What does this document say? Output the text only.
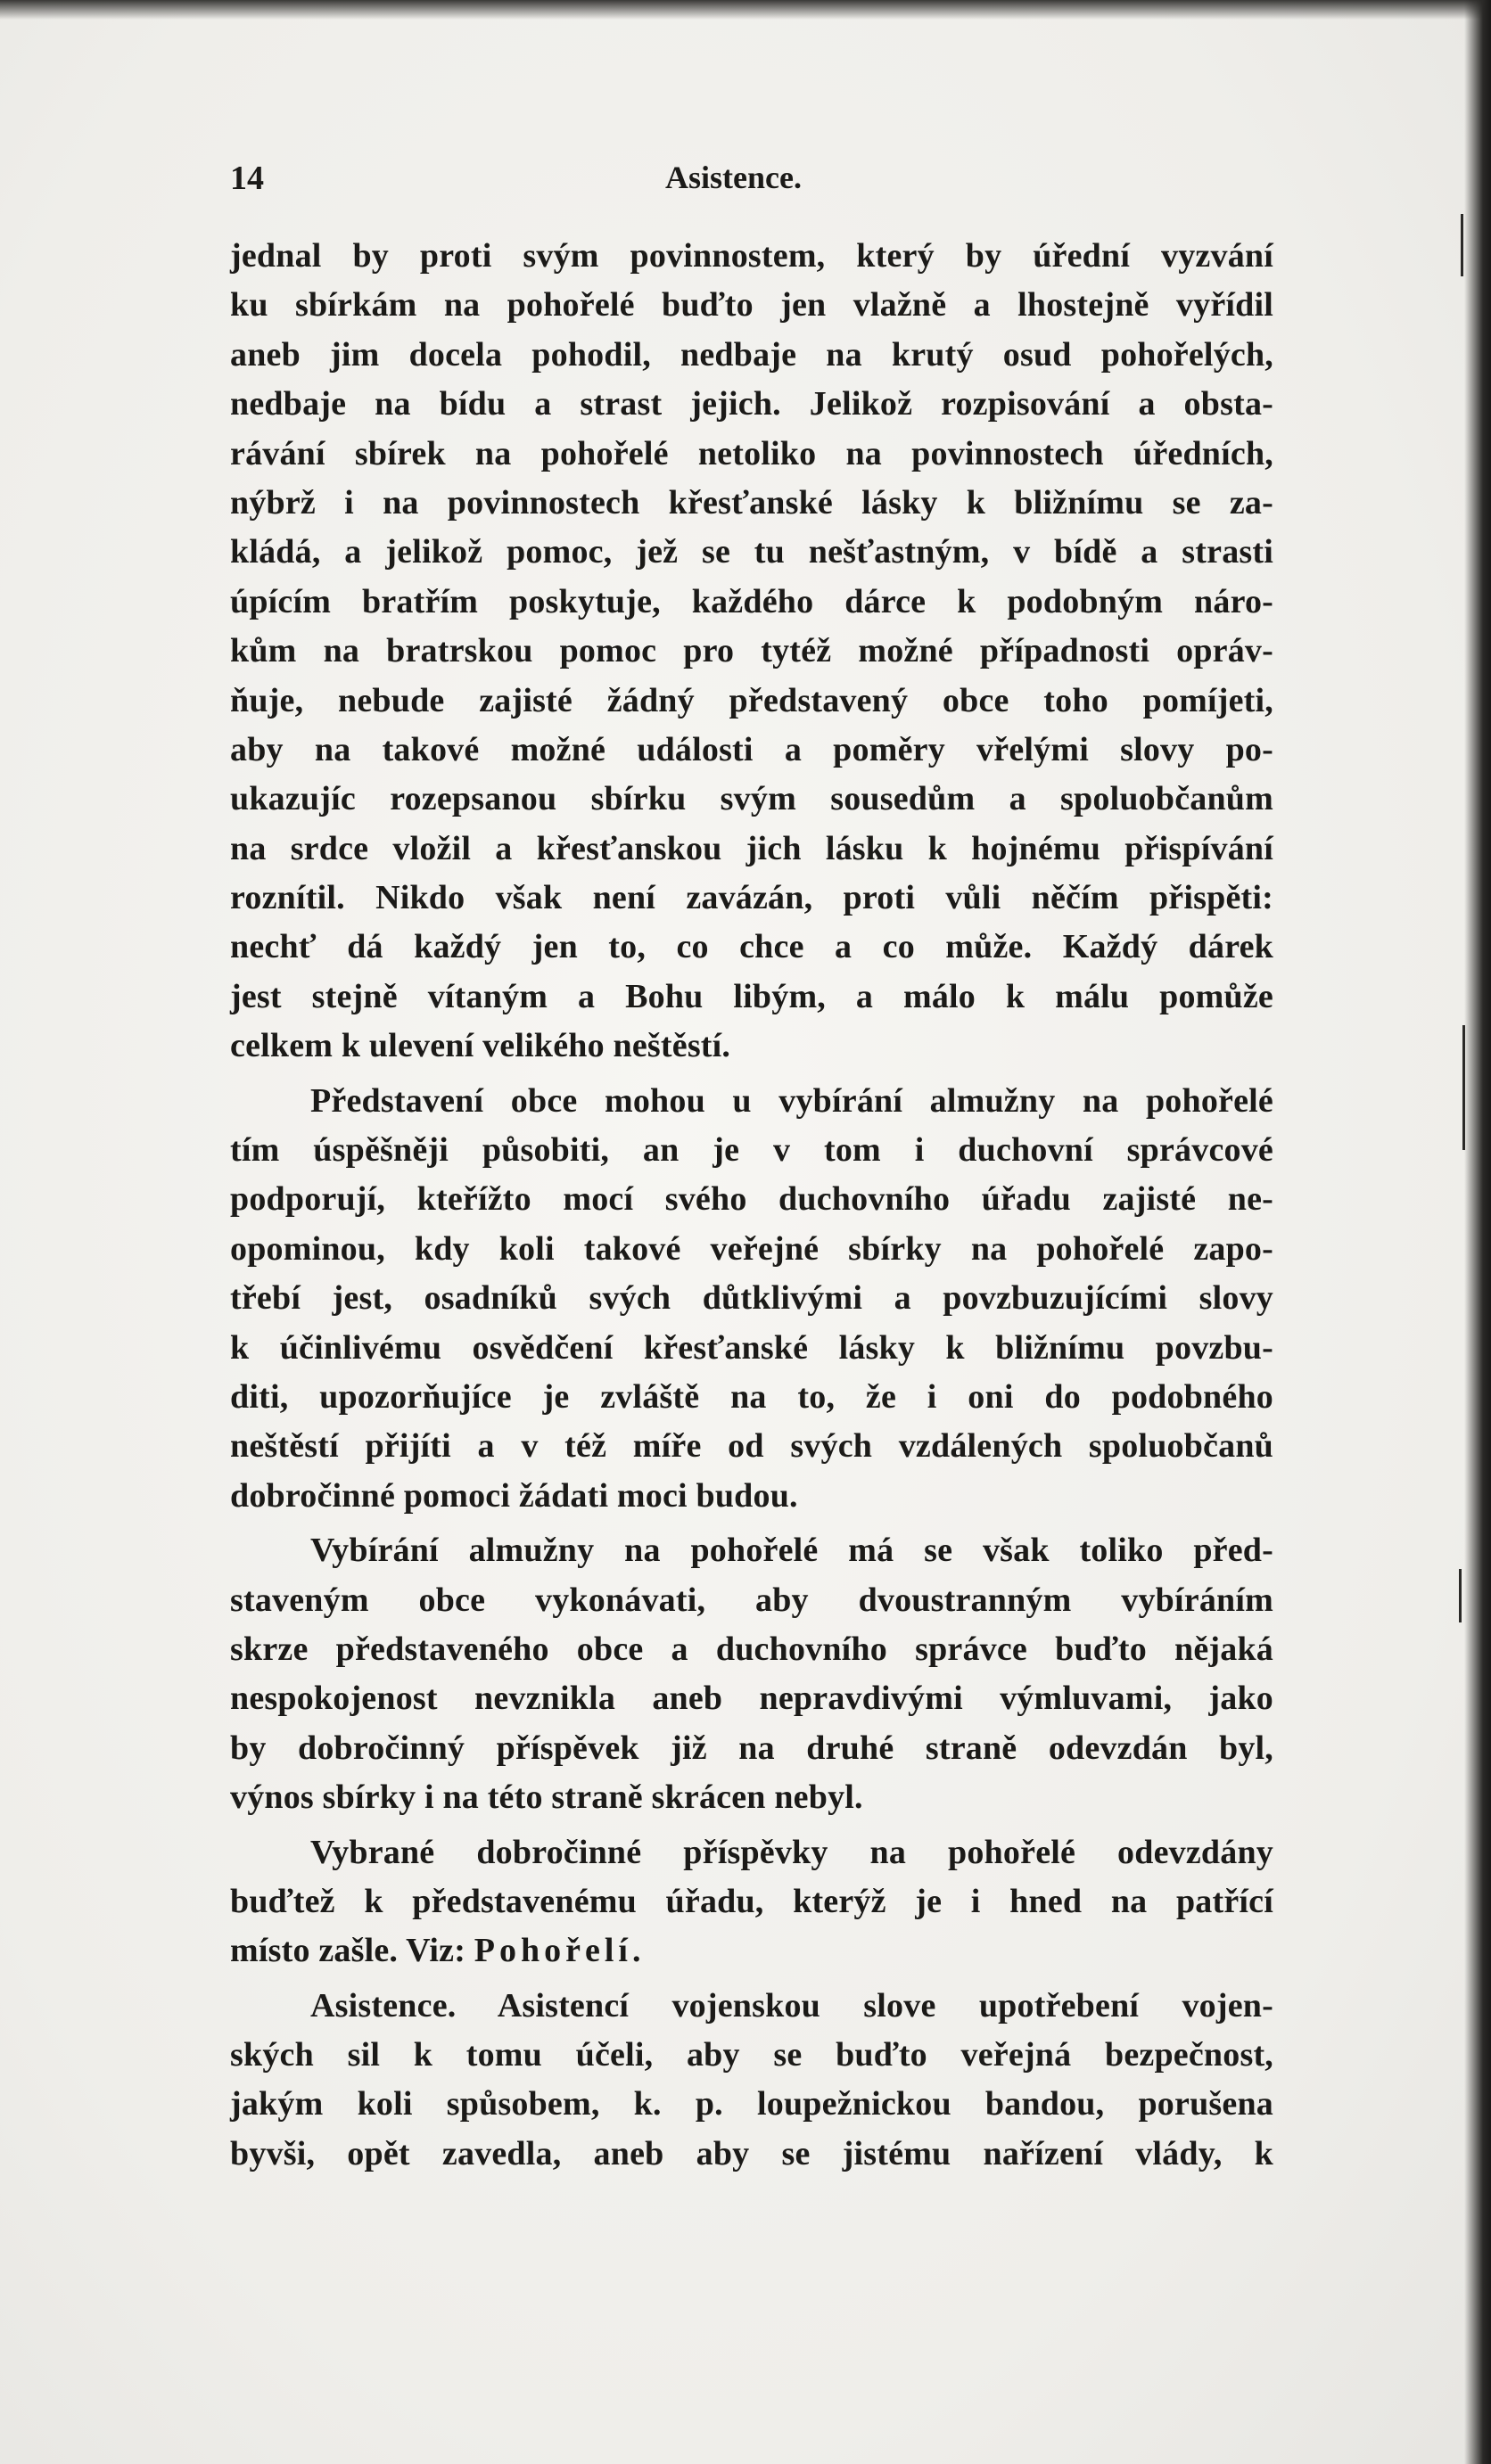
14	Asistence.
jednal by proti svým povinnostem, který by úřední vyzvání
ku sbírkám na pohořelé buďto jen vlažně a lhostejně vyřídil
aneb jim docela pohodil, nedbaje na krutý osud pohořelých,
nedbaje na bídu a strast jejich. Jelikož rozpisování a obsta-
rávání sbírek na pohořelé netoliko na povinnostech úředních,
nýbrž i na povinnostech křesťanské lásky k bližnímu se za-
kládá, a jelikož pomoc, jež se tu nešťastným, v bídě a strasti
úpícím bratřím poskytuje, každého dárce k podobným náro-
kům na bratrskou pomoc pro tytéž možné případnosti opráv-
ňuje, nebude zajisté žádný představený obce toho pomíjeti,
aby na takové možné události a poměry vřelými slovy po-
ukazujíc rozepsanou sbírku svým sousedům a spoluobčanům
na srdce vložil a křesťanskou jich lásku k hojnému přispívání
roznítil. Nikdo však není zavázán, proti vůli něčím přispěti:
nechť dá každý jen to, co chce a co může. Každý dárek
jest stejně vítaným a Bohu libým, a málo k málu pomůže
celkem k ulevení velikého neštěstí.
Představení obce mohou u vybírání almužny na pohořelé
tím úspěšněji působiti, an je v tom i duchovní správcové
podporují, kteřížto mocí svého duchovního úřadu zajisté ne-
opominou, kdy koli takové veřejné sbírky na pohořelé zapo-
třebí jest, osadníků svých důtklivými a povzbuzujícími slovy
k účinlivému osvědčení křesťanské lásky k bližnímu povzbu-
diti, upozorňujíce je zvláště na to, že i oni do podobného
neštěstí přijíti a v též míře od svých vzdálených spoluobčanů
dobročinné pomoci žádati moci budou.
Vybírání almužny na pohořelé má se však toliko před-
staveným obce vykonávati, aby dvoustranným vybíráním
skrze představeného obce a duchovního správce buďto nějaká
nespokojenost nevznikla aneb nepravdivými výmluvami, jako
by dobročinný příspěvek již na druhé straně odevzdán byl,
výnos sbírky i na této straně skrácen nebyl.
Vybrané dobročinné příspěvky na pohořelé odevzdány
buďtež k představenému úřadu, kterýž je i hned na patřící
místo zašle. Viz: Pohořelí.
Asistence. Asistencí vojenskou slove upotřebení vojen-
ských sil k tomu účeli, aby se buďto veřejná bezpečnost,
jakým koli spůsobem, k. p. loupežnickou bandou, porušena
byvši, opět zavedla, aneb aby se jistému nařízení vlády, k
